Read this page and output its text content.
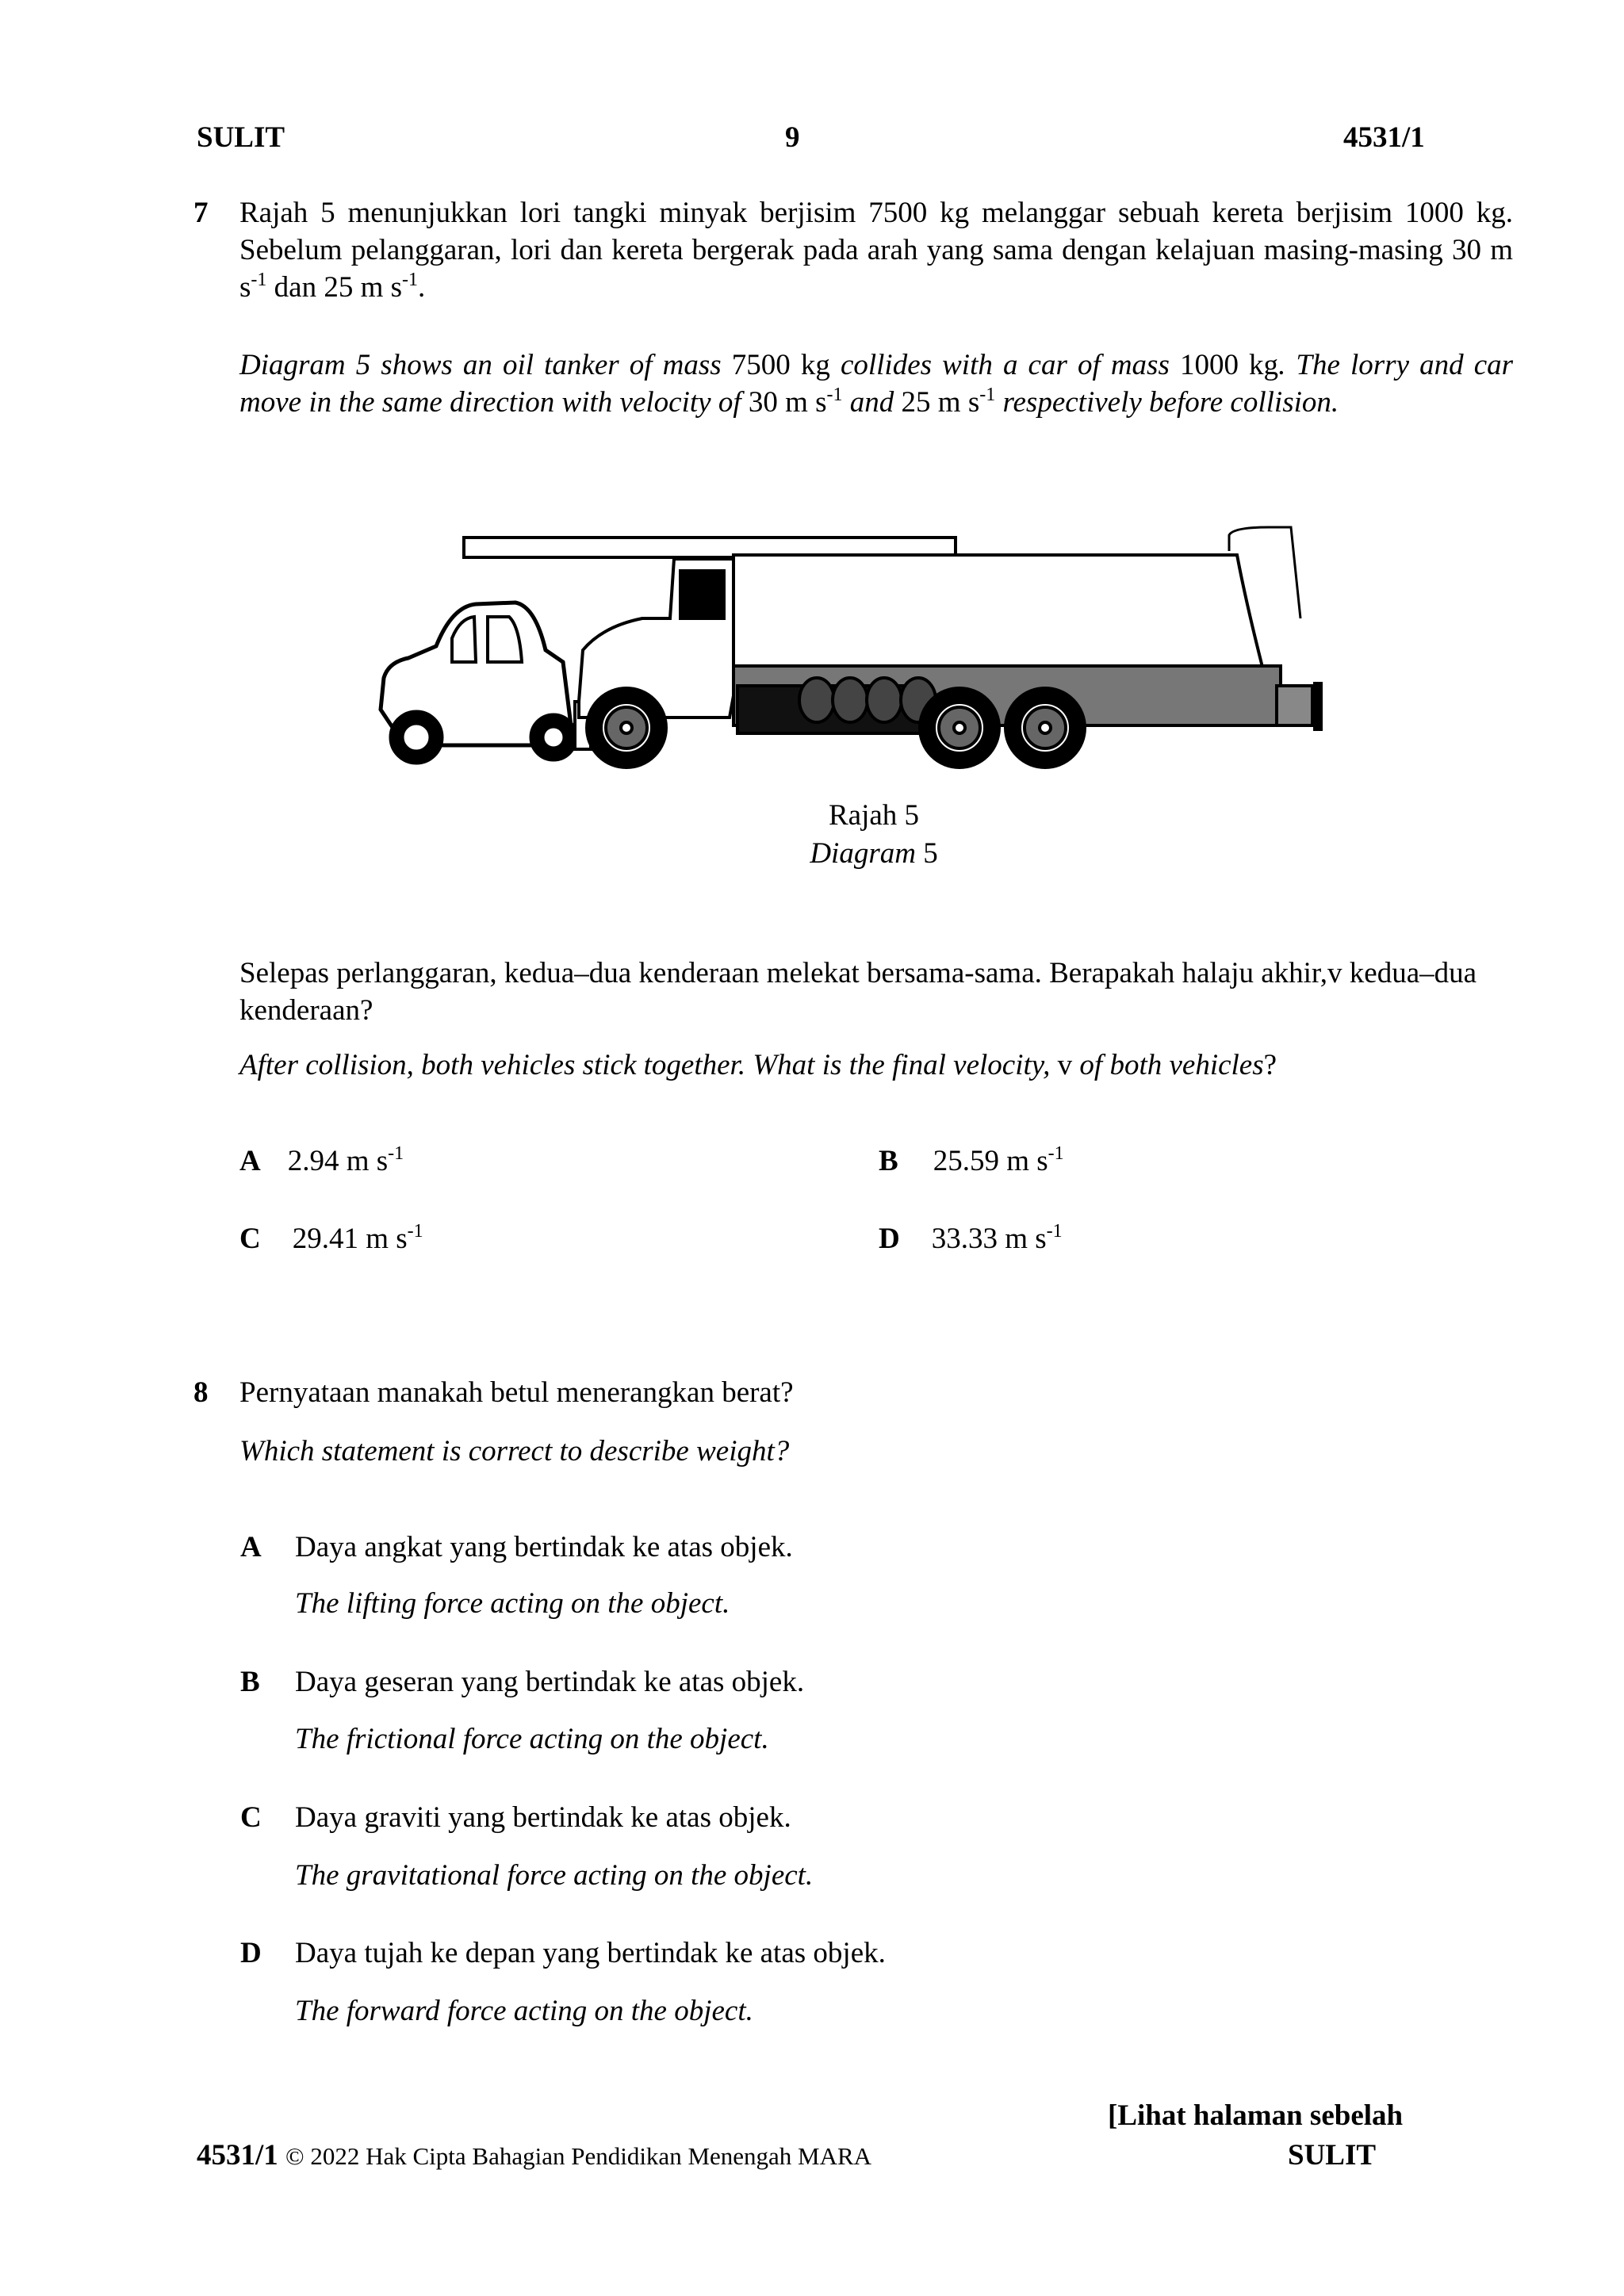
SULIT	9	4531/1
7 Rajah 5 menunjukkan lori tangki minyak berjisim 7500 kg melanggar sebuah kereta berjisim 1000 kg. Sebelum pelanggaran, lori dan kereta bergerak pada arah yang sama dengan kelajuan masing-masing 30 m $s^{-1}$ dan 25 m $s^{-1}$.
Diagram 5 shows an oil tanker of mass 7500 kg collides with a car of mass 1000 kg. The lorry and car move in the same direction with velocity of 30 m $s^{-1}$ and 25 m $s^{-1}$ respectively before collision.
Rajah 5
Diagram 5
Selepas perlanggaran, kedua–dua kenderaan melekat bersama-sama. Berapakah halaju akhir,v kedua–dua kenderaan?
After collision, both vehicles stick together. What is the final velocity, v of both vehicles?
A 2.94 m $s^{-1}$	B 25.59 m $s^{-1}$
C 29.41 m $s^{-1}$	D 33.33 m $s^{-1}$
8 Pernyataan manakah betul menerangkan berat?
Which statement is correct to describe weight?
A Daya angkat yang bertindak ke atas objek.
The lifting force acting on the object.
B Daya geseran yang bertindak ke atas objek.
The frictional force acting on the object.
C Daya graviti yang bertindak ke atas objek.
The gravitational force acting on the object.
D Daya tujah ke depan yang bertindak ke atas objek.
The forward force acting on the object.
[Lihat halaman sebelah
4531/1 © 2022 Hak Cipta Bahagian Pendidikan Menengah MARA	SULIT
